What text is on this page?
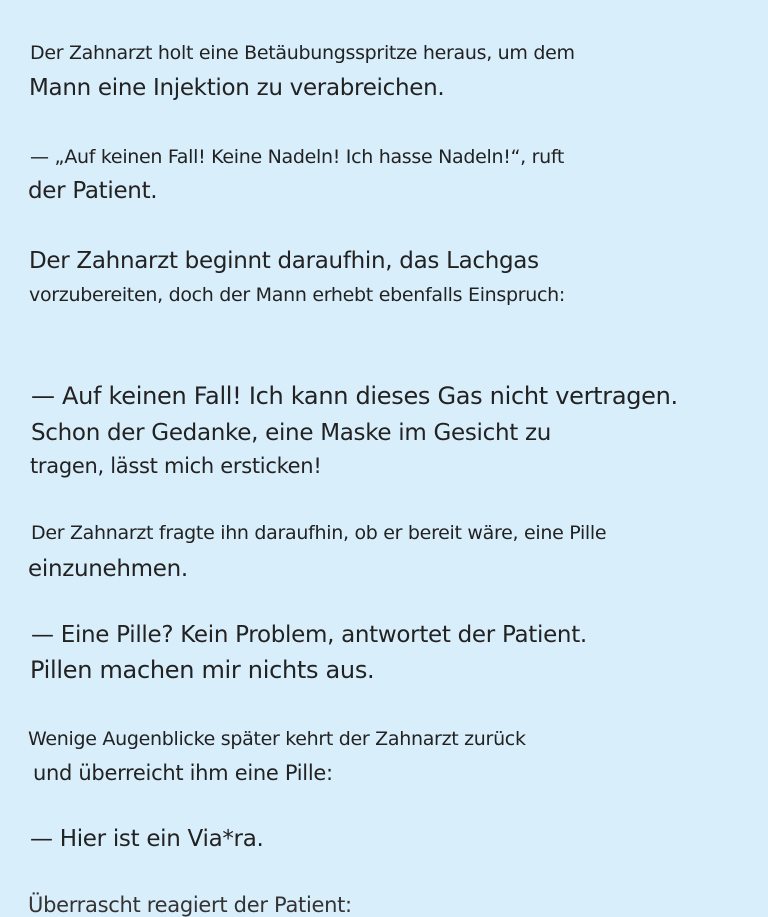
Der Zahnarzt holt eine Betäubungsspritze heraus, um dem
Mann eine Injektion zu verabreichen.
— „Auf keinen Fall! Keine Nadeln! Ich hasse Nadeln!“, ruft
der Patient.
Der Zahnarzt beginnt daraufhin, das Lachgas
vorzubereiten, doch der Mann erhebt ebenfalls Einspruch:
— Auf keinen Fall! Ich kann dieses Gas nicht vertragen.
Schon der Gedanke, eine Maske im Gesicht zu
tragen, lässt mich ersticken!
Der Zahnarzt fragte ihn daraufhin, ob er bereit wäre, eine Pille
einzunehmen.
— Eine Pille? Kein Problem, antwortet der Patient.
Pillen machen mir nichts aus.
Wenige Augenblicke später kehrt der Zahnarzt zurück
und überreicht ihm eine Pille:
— Hier ist ein Via*ra.
Überrascht reagiert der Patient:
